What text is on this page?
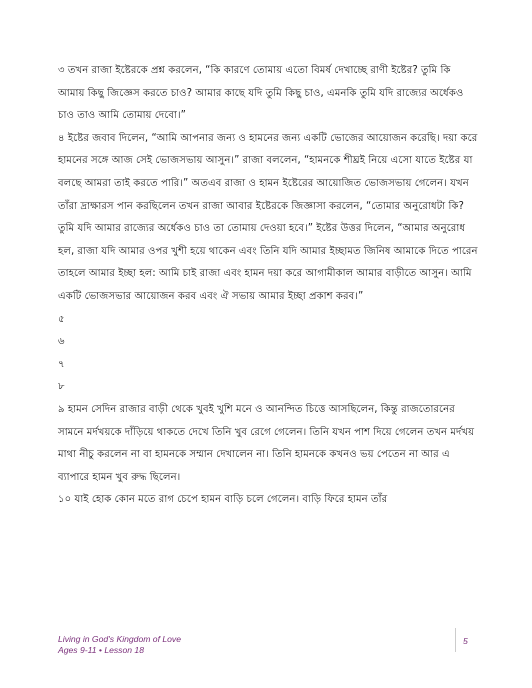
৩ তখন রাজা ইষ্টেরকে প্রশ্ন করলেন, “কি কারণে তোমায় এতো বিমর্ষ দেখাচ্ছে রাণী ইষ্টের? তুমি কি আমায় কিছু জিজ্ঞেস করতে চাও? আমার কাছে যদি তুমি কিছু চাও, এমনকি তুমি যদি রাজ্যের অর্ধেকও চাও তাও আমি তোমায় দেবো।”

৪ ইষ্টের জবাব দিলেন, “আমি আপনার জন্য ও হামনের জন্য একটি ভোজের আয়োজন করেছি। দয়া করে হামনের সঙ্গে আজ সেই ভোজসভায় আসুন।” রাজা বললেন, “হামনকে শীঘ্রই নিয়ে এসো যাতে ইষ্টের যা বলছে আমরা তাই করতে পারি।” অতএব রাজা ও হামন ইষ্টেরের আয়োজিত ভোজসভায় গেলেন। যখন তাঁরা দ্রাক্ষারস পান করছিলেন তখন রাজা আবার ইষ্টেরকে জিজ্ঞাসা করলেন, “তোমার অনুরোধটা কি? তুমি যদি আমার রাজ্যের অর্ধেকও চাও তা তোমায় দেওয়া হবে।” ইষ্টের উত্তর দিলেন, “আমার অনুরোধ হল, রাজা যদি আমার ওপর খুশী হয়ে থাকেন এবং তিনি যদি আমার ইচ্ছামত জিনিষ আমাকে দিতে পারেন তাহলে আমার ইচ্ছা হল: আমি চাই রাজা এবং হামন দয়া করে আগামীকাল আমার বাড়ীতে আসুন। আমি একটি ভোজসভার আয়োজন করব এবং ঐ সভায় আমার ইচ্ছা প্রকাশ করব।”

৫

৬

৭

৮

৯ হামন সেদিন রাজার বাড়ী থেকে খুবই খুশি মনে ও আনন্দিত চিত্তে আসছিলেন, কিন্তু রাজতোরনের সামনে মর্দখয়কে দাঁড়িয়ে থাকতে দেখে তিনি খুব রেগে গেলেন। তিনি যখন পাশ দিয়ে গেলেন তখন মর্দখয় মাথা নীচু করলেন না বা হামনকে সম্মান দেখালেন না। তিনি হামনকে কখনও ভয় পেতেন না আর এ ব্যাপারে হামন খুব রুদ্ধ ছিলেন।

১০ যাই হোক কোন মতে রাগ চেপে হামন বাড়ি চলে গেলেন। বাড়ি ফিরে হামন তাঁর

Living in God's Kingdom of Love
Ages 9-11 • Lesson 18
5
